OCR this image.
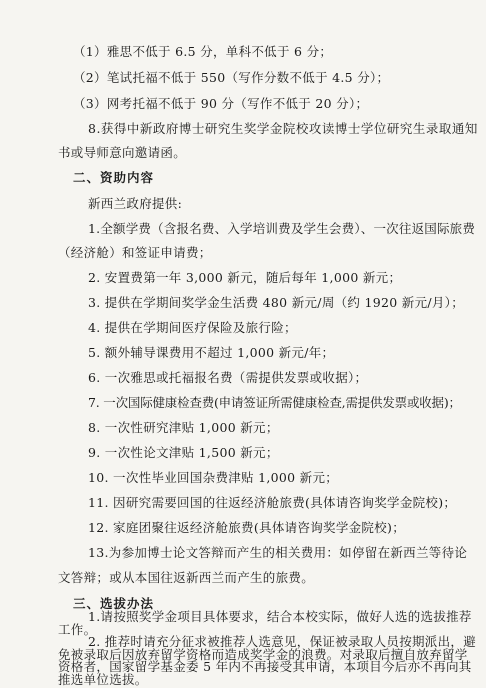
（1）雅思不低于 6.5 分，单科不低于 6 分；
（2）笔试托福不低于 550（写作分数不低于 4.5 分）；
（3）网考托福不低于 90 分（写作不低于 20 分）；
8.获得中新政府博士研究生奖学金院校攻读博士学位研究生录取通知
书或导师意向邀请函。
二、资助内容
新西兰政府提供:
1.全额学费（含报名费、入学培训费及学生会费）、一次往返国际旅费
（经济舱）和签证申请费；
2. 安置费第一年 3,000 新元，随后每年 1,000 新元；
3. 提供在学期间奖学金生活费 480 新元/周（约 1920 新元/月）；
4. 提供在学期间医疗保险及旅行险；
5. 额外辅导课费用不超过 1,000 新元/年；
6. 一次雅思或托福报名费（需提供发票或收据）；
7. 一次国际健康检查费(申请签证所需健康检查,需提供发票或收据)；
8. 一次性研究津贴 1,000 新元；
9. 一次性论文津贴 1,500 新元；
10. 一次性毕业回国杂费津贴 1,000 新元；
11. 因研究需要回国的往返经济舱旅费(具体请咨询奖学金院校)；
12. 家庭团聚往返经济舱旅费(具体请咨询奖学金院校)；
13.为参加博士论文答辩而产生的相关费用：如停留在新西兰等待论
文答辩；或从本国往返新西兰而产生的旅费。
三、选拔办法
1.请按照奖学金项目具体要求，结合本校实际，做好人选的选拔推荐
工作。
2. 推荐时请充分征求被推荐人选意见，保证被录取人员按期派出，避
免被录取后因放弃留学资格而造成奖学金的浪费。对录取后擅自放弃留学
资格者，国家留学基金委 5 年内不再接受其申请，本项目今后亦不再向其
推选单位选拔。
